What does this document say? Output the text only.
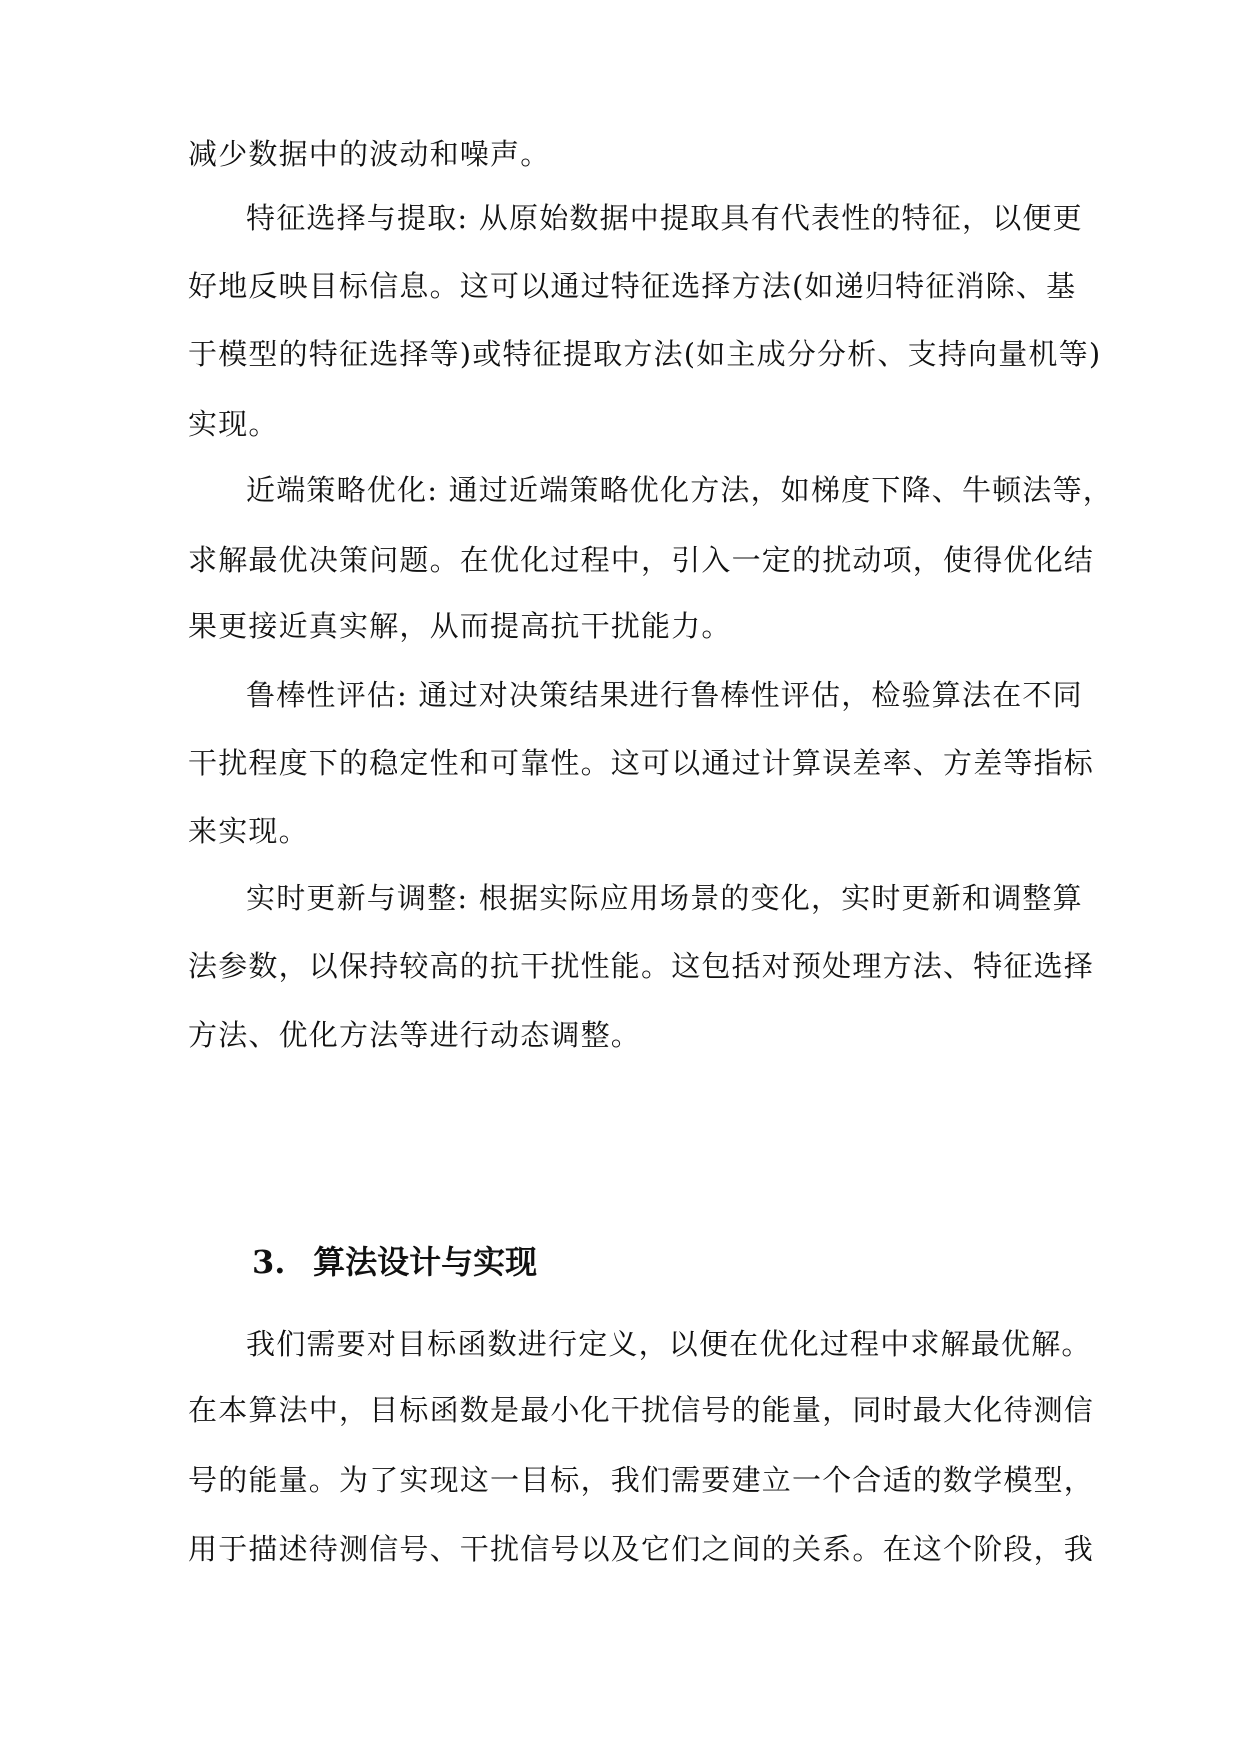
减少数据中的波动和噪声。
特征选择与提取: 从原始数据中提取具有代表性的特征，以便更
好地反映目标信息。这可以通过特征选择方法(如递归特征消除、基
于模型的特征选择等)或特征提取方法(如主成分分析、支持向量机等)
实现。
近端策略优化: 通过近端策略优化方法，如梯度下降、牛顿法等，
求解最优决策问题。在优化过程中，引入一定的扰动项，使得优化结
果更接近真实解，从而提高抗干扰能力。
鲁棒性评估: 通过对决策结果进行鲁棒性评估，检验算法在不同
干扰程度下的稳定性和可靠性。这可以通过计算误差率、方差等指标
来实现。
实时更新与调整: 根据实际应用场景的变化，实时更新和调整算
法参数，以保持较高的抗干扰性能。这包括对预处理方法、特征选择
方法、优化方法等进行动态调整。
我们需要对目标函数进行定义，以便在优化过程中求解最优解。
在本算法中，目标函数是最小化干扰信号的能量，同时最大化待测信
号的能量。为了实现这一目标，我们需要建立一个合适的数学模型，
用于描述待测信号、干扰信号以及它们之间的关系。在这个阶段，我
3. 算法设计与实现
